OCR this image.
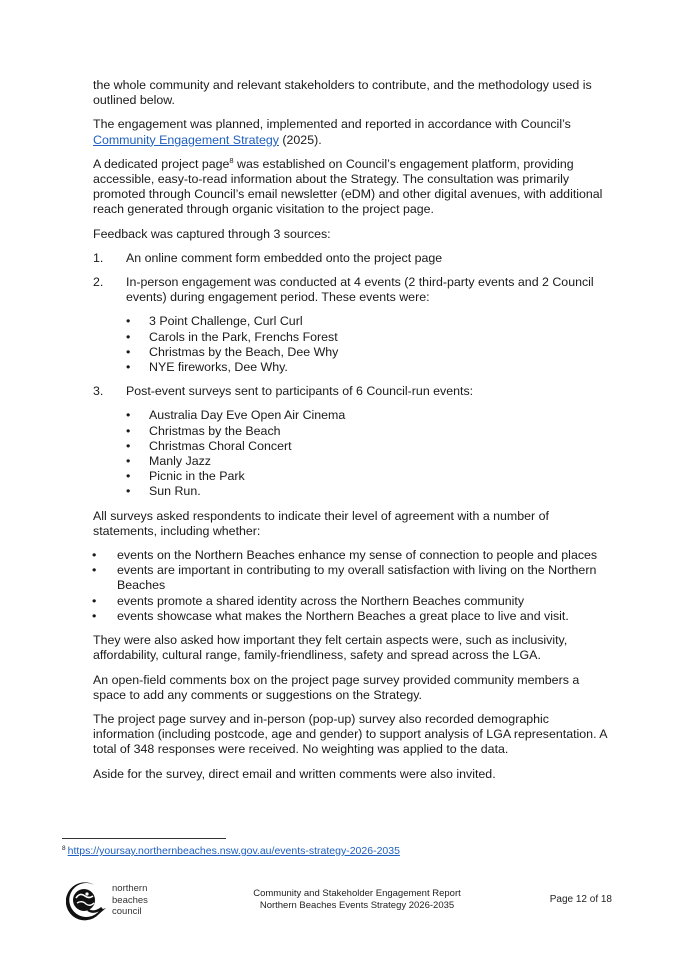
the whole community and relevant stakeholders to contribute, and the methodology used is outlined below.

The engagement was planned, implemented and reported in accordance with Council’s Community Engagement Strategy (2025).

A dedicated project page$^8$ was established on Council’s engagement platform, providing accessible, easy-to-read information about the Strategy. The consultation was primarily promoted through Council’s email newsletter (eDM) and other digital avenues, with additional reach generated through organic visitation to the project page.

Feedback was captured through 3 sources:

1. An online comment form embedded onto the project page
2. In-person engagement was conducted at 4 events (2 third-party events and 2 Council events) during engagement period. These events were:
• 3 Point Challenge, Curl Curl
• Carols in the Park, Frenchs Forest
• Christmas by the Beach, Dee Why
• NYE fireworks, Dee Why.
3. Post-event surveys sent to participants of 6 Council-run events:
• Australia Day Eve Open Air Cinema
• Christmas by the Beach
• Christmas Choral Concert
• Manly Jazz
• Picnic in the Park
• Sun Run.

All surveys asked respondents to indicate their level of agreement with a number of statements, including whether:

• events on the Northern Beaches enhance my sense of connection to people and places
• events are important in contributing to my overall satisfaction with living on the Northern Beaches
• events promote a shared identity across the Northern Beaches community
• events showcase what makes the Northern Beaches a great place to live and visit.

They were also asked how important they felt certain aspects were, such as inclusivity, affordability, cultural range, family-friendliness, safety and spread across the LGA.

An open-field comments box on the project page survey provided community members a space to add any comments or suggestions on the Strategy.

The project page survey and in-person (pop-up) survey also recorded demographic information (including postcode, age and gender) to support analysis of LGA representation. A total of 348 responses were received. No weighting was applied to the data.

Aside for the survey, direct email and written comments were also invited.

$^8$ https://yoursay.northernbeaches.nsw.gov.au/events-strategy-2026-2035
northern
beaches
council
Community and Stakeholder Engagement Report
Northern Beaches Events Strategy 2026-2035
Page 12 of 18
